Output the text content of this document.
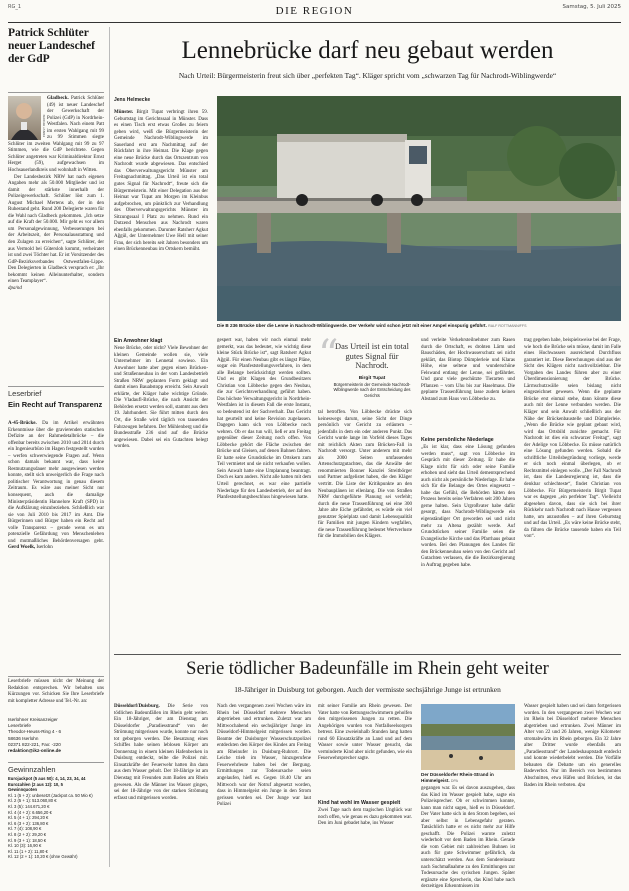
RG_1	DIE REGION	Samstag, 5. Juli 2025
Patrick Schlüter neuer Landeschef der GdP
ERNST HEIDEN
Gladbeck. Patrick Schlüter (49) ist neuer Landeschef der Gewerkschaft der Polizei (GdP) in Nordrhein-Westfalen. Nach einem Patt im ersten Wahlgang mit 99 zu 99 Stimmen siegte Schlüter im zweiten Wahlgang mit 99 zu 97 Stimmen, wie die GdP berichtete. Gegen Schlüter angetreten war Kriminaldirektor Ernst Herget (59), aufgewachsen im Hochsauerlandkreis und wohnhaft in Witten.

Der Landesbezirk NRW hat nach eigenen Angaben mehr als 50.000 Mitglieder und ist damit der stärkste innerhalb der Polizeigewerkschaft. Schlüter löst zum 1. August Michael Mertens ab, der in den Ruhestand geht. Rund 200 Delegierte waren für die Wahl nach Gladbeck gekommen. „Ich setze auf die Kraft der 50.000. Mir geht es vor allem um Personalgewinnung, Verbesserungen bei der Arbeitszeit, der Personalausstattung und den Zulagen zu erreichen“, sagte Schlüter, der aus Vermold bei Gütersloh kommt, verheiratet ist und zwei Töchter hat. Er ist Vorsitzender des GdP-Bezirksverbandes Ostwestfalen-Lippe. Den Delegierten in Gladbeck versprach er: „Ihr bekommt keinen Alleinunterhalter, sondern einen Teamplayer“.

dpa/nd
Leserbrief
Ein Recht auf Transparenz
A-45-Brücke. Da im Artikel erwähnten Erkenntnisse über die gravierenden statischen Defizite an der Rahmedetalbrücke – die offenbar bereits zwischen 2010 und 2014 durch ein Ingenieurbüro im Hagen festgestellt wurden – werfen schwerwiegende Fragen auf. Wenn schon damals bekannt war, dass keine Restnutzungsdauer mehr ausgewiesen werden konnte, stellt sich unweigerlich die Frage nach politischer Verantwortung in genau diesem Zeitraum. Es wäre aus meiner Sicht nur konsequent, auch die damalige Ministerpräsidentin Hannelore Kraft (SPD) in die Aufklärung einzubeziehen. Schließlich war sie von Juli 2010 bis 2017 im Amt. Die Bürgerinnen und Bürger haben ein Recht auf volle Transparenz – gerade wenn es um potenzielle Gefährdung von Menschenleben und mutmaßliches Behördenversagen geht. Gerd Woelk, Iserlohn
Leserbriefe müssen nicht der Meinung der Redaktion entsprechen. Wir behalten uns Kürzungen vor. Schicken Sie Ihre Leserbriefe mit kompletter Adresse und Tel.-Nr. an:
Iserlohner Kreisanzeiger
Leserbriefe
Theodor-Heuss-Ring 4 - 6
58636 Iserlohn
02371 822-221, Fax: -220
redaktion@ikz-online.de
Gewinnzahlen
Eurojackpot (5 aus 50): 4, 14, 23, 34, 44
Eurozahlen (2 aus 12): 10, 5
Gewinnquoten
Kl. 1 (5 + 2): unbesetzt (Jackpot ca. 50 Mio €)
Kl. 2 (5 + 1): 513.060,80 €
Kl. 3 (5): 144.671,20 €
Kl. 4 (4 + 2): 6.656,20 €
Kl. 5 (4 + 1): 294,20 €
Kl. 6 (3 + 2): 136,80 €
Kl. 7 (4): 108,90 €
Kl. 8 (2 + 2): 29,20 €
Kl. 9 (3 + 1): 18,50 €
Kl. 10 (3): 16,90 €
Kl. 11 (1 + 2): 11,80 €
Kl. 12 (2 + 1): 10,20 € (ohne Gewähr)
Lennebrücke darf neu gebaut werden
Nach Urteil: Bürgermeisterin freut sich über „perfekten Tag“. Kläger spricht vom „schwarzen Tag für Nachrodt-Wiblingwerde“
Jens Helmecke
Münster. Birgit Tupat verbringt ihren 59. Geburtstag im Gerichtssaal in Münster. Dass es einen Tisch erst etwas Großes zu feiern geben wird, weiß die Bürgermeisterin der Gemeinde Nachrodt-Wiblingwerde im Sauerland erst am Nachmittag auf der Rückfahrt in ihre Heimat. Die Klage gegen eine neue Brücke durch das Ortszentrum von Nachrodt wurde abgewiesen. Das entschied das Oberverwaltungsgericht Münster am Freitagnachmittag. „Das Urteil ist ein total gutes Signal für Nachrodt“, freute sich die Bürgermeisterin. Mit einer Delegation aus der Heimat war Tupat am Morgen im Kleinbus aufgebrochen, um pünktlich zur Verhandlung des Oberverwaltungsgerichts Münster im Sitzungssaal I Platz zu nehmen. Rund ein Dutzend Menschen aus Nachrodt waren ebenfalls gekommen. Darunter Ratsherr Agkut Ağgül, der Unternehmer Uwe Hell mit seiner Frau, der sich bereits seit Jahren besonders um einen Brückenneubau im Ortskern bemüht.
Ein Anwohner klagt
Neue Brücke, oder nicht? Viele Bewohner der kleinen Gemeinde wollen sie, viele Unternehmer im Lennetal sowieso. Ein Anwohner hatte aber gegen einen Brücken- und Straßenneubau in der vom Landesbetrieb Straßen NRW geplanten Form geklagt und damit einen Bauabstopp erreicht. Sein Anwalt erklärte, der Kläger habe wichtige Gründe. Die Vladaufl-Brücke, die nach Ansicht der Behörden ersetzt werden soll, stammt aus dem 19. Jahrhundert. Sie führt mitten durch den Ort, die Straße wird täglich von tausenden Fahrzeugen befahren. Der Mühlenberg und die Bundesstraße 236 sind auf die Brücke angewiesen. Dabei sei ein Gutachten belegt worden.
Die B 236 Brücke über die Lenne in Nachrodt-Wiblingwerde. Der Verkehr wird schon jetzt mit einer Ampel einspurig geführt. RALF ROTTMANN/FFS
gespert war, haben wir noch einmal mehr gemerkt, was das bedeutet, wie wichtig diese kleine Stück Brücke ist“, sagt Ratsherr Agkut Ağgül. Für einen Neubau gibt es längst Pläne, sogar ein Planfeststellungsverfahren, in dem alle Belange berücksichtigt werden sollten. Und es gibt Klagen des Grundbesitzers Christian von Löbbecke gegen den Neubau, die zur Gerichtsverhandlung geführt haben. Das höchste Verwaltungsgericht in Nordrhein-Westfalen ist in diesem Fall die erste Instanz, so bedeutend ist der Sachverhalt. Das Gericht hat geurteilt und keine Revision zugelassen. Dagegen kann sich von Löbbecke noch wehren. Ob er das tun will, ließ er am Freitag gegenüber dieser Zeitung noch offen. Von Löbbecke gehört die Fläche zwischen der Brücke und Gleisen, auf denen Bahnen fahren. Er hatte seine Grundstücke im Ortskern zum Teil vermietet und sie nicht verkaufen wollen. Sein Anwalt hatte eine Umplanung beantragt. Doch es kam anders. Nicht alle hatten mit dem Urteil gerechnet, es war eine partielle Niederlage für den Landesbetrieb, der auf den Planfeststellungsbeschluss hingewiesen hatte.
“
Das Urteil ist ein total gutes Signal für Nachrodt.
Birgit Tupat
Bürgermeisterin der Gemeinde Nachrodt-Wiblingwerde nach der Entscheidung des Gerichts
tal betroffen. Von Löbbecke drückte sich keineswegs darum, seine Sicht der Dinge persönlich vor Gericht zu erläutern – jedenfalls in dem ein oder anderen Punkt. Das Gericht wurde lange im Vorfeld dieses Tages mit reichlich Akten zum Brücken-Fall in Nachrodt versorgt. Unter anderem mit mehr als 2000 Seiten umfassenden Artenschutzgutachten, das die Anwälte der renommierten Bonner Kanzlei Streitbörger und Partner aufgelistet haben, die den Kläger vertritt. Die Liste der Kritikpunkte an den Neubauplänen ist ellenlang. Die von Straßen NRW durchgeführte Planung sei verfehlt; durch die neue Trassenführung sei eine 300 Jahre alte Eiche gefährdet, es würde ein viel genutzter Spielplatz und damit Lebensqualität für Familien mit jungen Kindern wegfallen, die neue Trassenführung bedeutet Wertverluste für die Immobilien des Klägers.
und verleite Verkehrsteilnehmer zum Rasen durch die Ortschaft, es drohten Lärm und Bauschäden, der Hochwasserschutz sei nicht geklärt, das Biotop Dümplerleie und Klaras Höhe, eine seltene und wunderschöne Felswand entlang der Lenne, sei gefährdet. Und ganz viele geschützte Tierarten und Pflanzen – vom Uhu bis zur Haselmaus. Die geplante Trassenführung lasse zudem keinen Abstand zum Haus von Löbbecke zu.
Keine persönliche Niederlage
„Es ist klar, dass eine Lösung gefunden werden muss“, sagt von Löbbecke im Gespräch mit dieser Zeitung. Er habe die Klage nicht für sich oder seine Familie erhoben und sieht das Urteil dementsprechend auch nicht als persönliche Niederlage. Er habe sich für die Belange des Ortes eingesetzt – habe das Gefühl, die Behörden hätten den Prozess bereits seine Verfahren seit 200 Jahren gerne halten. Sein Urgroßvater habe dafür gesorgt, dass Nachrodt-Wiblingwerde ein eigenständiger Ort geworden sei und nicht mehr zu Altena gezählt werde. Auf Grundstücken seiner Familie seien die Evangelische Kirche und das Pfarrhaus gebaut worden. Bei den Planungen des Landes für den Brückenneubau seien von den Gericht auf Gutachten verlassen, die die Bezirksregierung in Auftrag gegeben habe.
trag gegeben habe, beispielsweise bei der Frage, wie hoch die Brücke sein müsse, damit im Falle eines Hochwassers ausreichend Durchfluss garantiert ist. Diese Berechnungen sind aus der Sicht des Klägers nicht nachvollziehbar. Die Vorgaben des Landes führen aber zu einer Überdimensionierung der Brücke. Lärmschutzwälle seien bislang nicht eingezeichnet gewesen. Wenn die geplante Brücke erst einmal stehe, dann könnte diese auch mit der Lenne verbunden werden. Die Kläger und sein Anwalt schließlich aus der Nähe der Brückenbaustelle und Dümplerleie. „Wenn die Brücke wie geplant gebaut wird, wird das Ortsbild zunichte gemacht. Für Nachrodt ist dies ein schwarzer Freitag“, sagt der Adelige von Löbbecke. Es müsse natürlich eine Lösung gefunden werden. Sobald die schriftliche Urteilsbegründung vorliege, werde er sich noch einmal überlegen, ob er Rechtsmittel einlegen wolle. „Der Fall Nachrodt ist, dass die Landesregierung ist, dass die denkbar schlechteste“, findet Christian von Löbbecke. Für Bürgermeisterin Birgit Tupat war es dagegen „ein perfekter Tag“. Vielleicht abgesehen davon, dass sie sich bei ihrer Rückkehr nach Nachrodt nach Hause vergessen hatte, um anzustoßen – auf ihren Geburtstag und auf das Urteil. „Es wäre keine Brücke steht, da führen die Brücke tausende haben ein Teil von“.
Serie tödlicher Badeunfälle im Rhein geht weiter
18-Jähriger in Duisburg tot geborgen. Auch der vermisste sechsjährige Junge ist ertrunken
Düsseldorf/Duisburg. Die Serie von tödlichen Badeunfällen im Rhein geht weiter. Ein 18-Jähriger, der am Dienstag am Düsseldorfer „Paradiesstrand“ von der Strömung mitgerissen wurde, konnte nur noch tot geborgen werden. Die Besatzung eines Schiffes habe seinen leblosen Körper am Donnerstag in einem kleinen Hafenbecken in Duisburg entdeckt, teilte die Polizei mit. Einsatzkräfte der Feuerwehr hatten ihn dann aus dem Wasser geholt. Der 18-Jährige ist am Dienstag mit Freunden zum Baden am Rhein gewesen. Als die Männer ins Wasser gingen, sei der 18-Jährige von der starken Strömung erfasst und mitgerissen worden.
Nach den vergangenen zwei Wochen wäre im Rhein bei Düsseldorf mehrere Menschen abgetrieben und ertrunken. Zuletzt war am Mittwochabend ein sechsjähriger Junge im Düsseldorf-Himmelgeist mitgerissen worden. Beamte der Duisburger Wasserschutzpolizei entdeckten den Körper des Kindes am Freitag am Rheinufer in Duisburg-Ruhrort. Die Leiche trieb im Wasser, hinzugerufene Feuerwehrleute haben bei der Bergung. Ermittlungen zur Todesursache seien angelaufen, hieß es. Gegen 18.40 Uhr am Mittwoch war der Notruf abgesetzt worden, dass in Himmelgeist ein Junge in den Strom gerissen worden sei. Der Junge war laut Polizei
mit seiner Familie am Rhein gewesen. Der Vater hatte von Rettungsschwimmern geholfen den mitgerissenen Jungen zu retten. Die Angehörigen wurden von Notfallseelsorgern betreut. Eine zweieinhalb Stunden lang hatten rund 60 Einsatzkräfte an Land und auf dem Wasser sowie unter Wasser gesucht, das verminderte Kind aber nicht gefunden, wie ein Feuerwehrsprecher sagte.
Kind hat wohl im Wasser gespielt
Zwei Tage nach dem tragischen Unglück war noch offen, wie genau es dazu gekommen war. Den im Juni gebadet habe, ins Wasser
Der Düsseldorfer Rhein-Strand in Himmelgeist. DPA
gegangen war. Es sei davon auszugehen, dass das Kind im Wasser gespielt habe, sagte ein Polizeisprecher. Ob er schwimmen konnte, kann man nicht sagen, hieß es in Düsseldorf. Der Vater hatte sich in den Strom begeben, sei aber selbst in Lebensgefahr geraten. Tatsächlich hatte er es nicht mehr zur Hilfe geschafft. Die Polizei warnte zuletzt wiederholt vor dem Baden im Rhein. Gerade die vom Gebiet mit zahlreichen Buhnen ist auch für gute Schwimmer gefährlich, da unterschätzt werden. Aus dem Sondereinsatz nach Suchmaßnahme zu den Ermittlungen zur Todesursache des syrischen Jungen. Später ergänzte eine Sprecherin, das Kind habe nach derzeitigen Erkenntnissen im
Wasser gespielt haben und sei dann fortgerissen worden. In den vergangenen zwei Wochen war im Rhein bei Düsseldorf mehrere Menschen abgetrieben und ertrunken. Zwei Männer im Alter von 22 und 26 Jahren, wenige Kilometer stromabwärts im Rhein geborgen. Ein 32 Jahre alter Dritter wurde ebenfalls am „Paradiesstrand“ der Landeshauptstadt entdeckt und konnte wiederbelebt werden. Die Vorfälle bebauten die Debatte um ein generelles Badeverbot. Nur im Bereich von bestimmten Abschnitten, etwa Häfen und Brücken, ist das Baden im Rhein verboten. dpa
